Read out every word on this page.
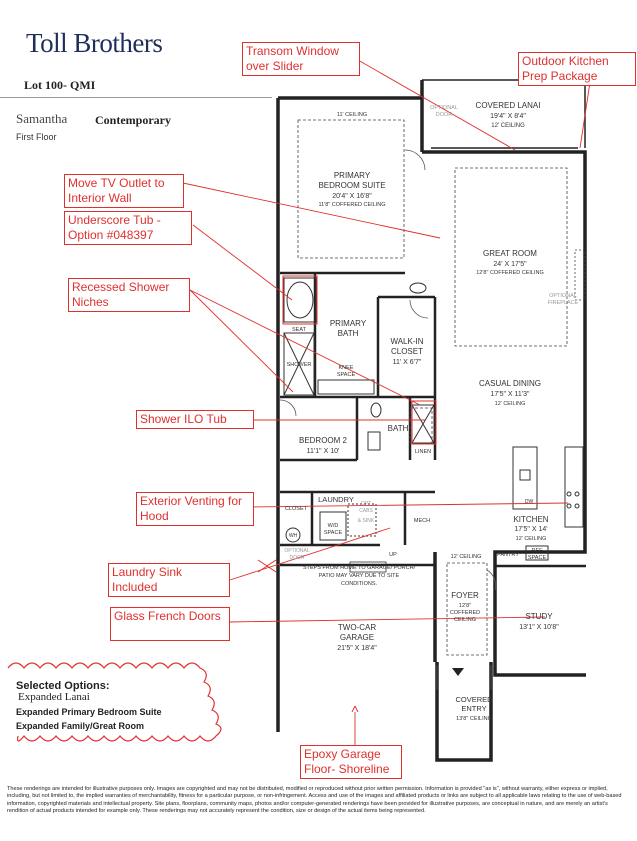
Toll Brothers
Lot 100- QMI
Samantha Contemporary
First Floor
COVERED LANAI
19'4" X 8'4"
12' CEILING
OPTIONAL
DOOR
11' CEILING
PRIMARY
BEDROOM SUITE
20'4" X 16'8"
11'8" COFFERED CEILING
GREAT ROOM
24' X 17'5"
12'8" COFFERED CEILING
OPTIONAL
FIREPLACE
PRIMARY
BATH
SEAT
SHOWER	KNEE
SPACE
WALK-IN
CLOSET
11' X 6'7"
CASUAL DINING
17'5" X 11'3"
12' CEILING
BATH
LINEN
BEDROOM 2
11'1" X 10'
LAUNDRY OPT
CABS
& SINK
CLOSET
W/D
SPACE
WH
MECH
OPTIONAL
DOOR	UP
DW
KITCHEN
17'5" X 14'
12' CEILING
PANTRY
REF
SPACE
12' CEILING
STEPS FROM HOME TO GARAGE/ PORCH/
PATIO MAY VARY DUE TO SITE
CONDITIONS.
TWO-CAR
GARAGE
21'5" X 18'4"
FOYER
12'8"
COFFERED
CEILING	STUDY
13'1" X 10'8"
COVERED
ENTRY
13'8" CEILING
Transom Window over Slider	Outdoor Kitchen Prep Package
Move TV Outlet to Interior Wall
Underscore Tub - Option #048397
Recessed Shower Niches
Shower ILO Tub
Exterior Venting for Hood
Laundry Sink Included
Glass French Doors
Epoxy Garage Floor- Shoreline
Selected Options:
Expanded Lanai
Expanded Primary Bedroom Suite
Expanded Family/Great Room
These renderings are intended for illustrative purposes only. Images are copyrighted and may not be distributed, modified or reproduced without prior written permission. Information is provided "as is", without warranty, either express or implied, including, but not limited to, the implied warranties of merchantability, fitness for a particular purpose, or non-infringement. Access and use of the images and affiliated products or links are subject to all applicable laws relating to the use of web-based information, copyrighted materials and intellectual property. Site plans, floorplans, community maps, photos and/or computer-generated renderings have been provided for illustrative purposes, are conceptual in nature, and are merely an artist's rendition of actual products intended for example only. These renderings may not accurately represent the condition, size or design of the actual items being represented.
